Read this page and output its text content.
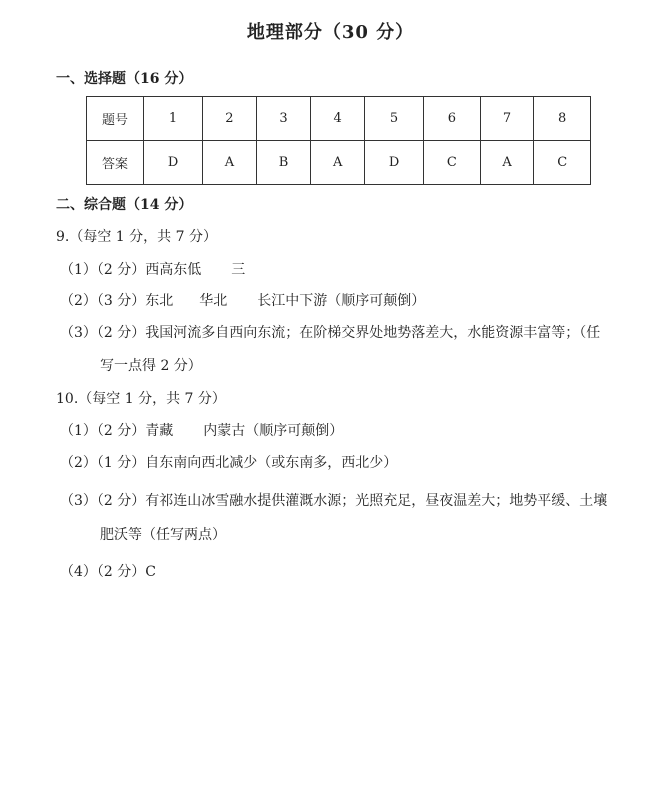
地理部分（30 分）
一、选择题（16 分）
题号	1	2	3	4	5	6	7	8
答案	D	A	B	A	D	C	A	C
二、综合题（14 分）
9.（每空 1 分，共 7 分）
（1）（2 分）西高东低 三
（2）（3 分）东北 华北 长江中下游（顺序可颠倒）
（3）（2 分）我国河流多自西向东流；在阶梯交界处地势落差大，水能资源丰富等；（任
写一点得 2 分）
10.（每空 1 分，共 7 分）
（1）（2 分）青藏 内蒙古（顺序可颠倒）
（2）（1 分）自东南向西北减少（或东南多，西北少）
（3）（2 分）有祁连山冰雪融水提供灌溉水源；光照充足，昼夜温差大；地势平缓、土壤
肥沃等（任写两点）
（4）（2 分）C
